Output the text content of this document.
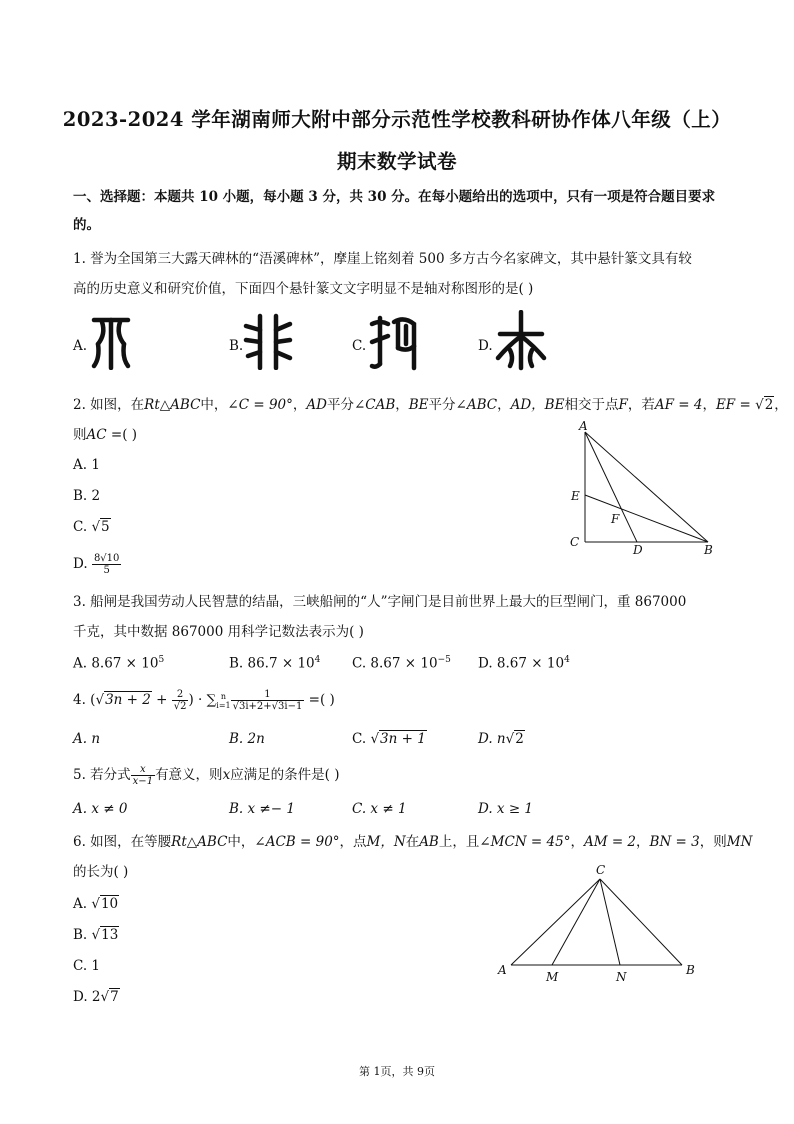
2023-2024 学年湖南师大附中部分示范性学校教科研协作体八年级（上）
期末数学试卷
一、选择题：本题共 10 小题，每小题 3 分，共 30 分。在每小题给出的选项中，只有一项是符合题目要求
的。
1. 誉为全国第三大露天碑林的“浯溪碑林”，摩崖上铭刻着 500 多方古今名家碑文，其中悬针篆文具有较
高的历史意义和研究价值，下面四个悬针篆文文字明显不是轴对称图形的是( )
A.	B.	C.	D.
2. 如图，在Rt△ABC中，∠C = 90°，AD平分∠CAB，BE平分∠ABC，AD，BE相交于点F，若AF = 4，EF = √2，
则AC =( )
A. 1
B. 2
C. √5
D. $\frac{8√10}{5}$
A
E
F
C
D	B
3. 船闸是我国劳动人民智慧的结晶，三峡船闸的“人”字闸门是目前世界上最大的巨型闸门，重 867000
千克，其中数据 867000 用科学记数法表示为( )
A. $8.67 \times 10^5$	B. $86.7 \times 10^4$ C. $8.67 \times 10^{-5}$ D. $8.67 \times 10^4$
4. ($√3n + 2 + \frac{2}{√2}$ ) · ∑ n
$i=1 \frac{1}{√3i+2+√3i-1}$ =( )
A. n	B. 2n	C. √3n + 1	D. n√2
5. 若分式 $\frac{x}{x-1}$ 有意义，则x应满足的条件是( )
A. x ≠ 0	B. x ≠− 1	C. x ≠ 1	D. x ≥ 1
6. 如图，在等腰Rt△ABC中，∠ACB = 90°，点M，N在AB上，且∠MCN = 45°，AM = 2，BN = 3，则MN
的长为( )
A. √10
B. √13
C. 1
D. 2√7
C
A	M	N	B
第 1页，共 9页
